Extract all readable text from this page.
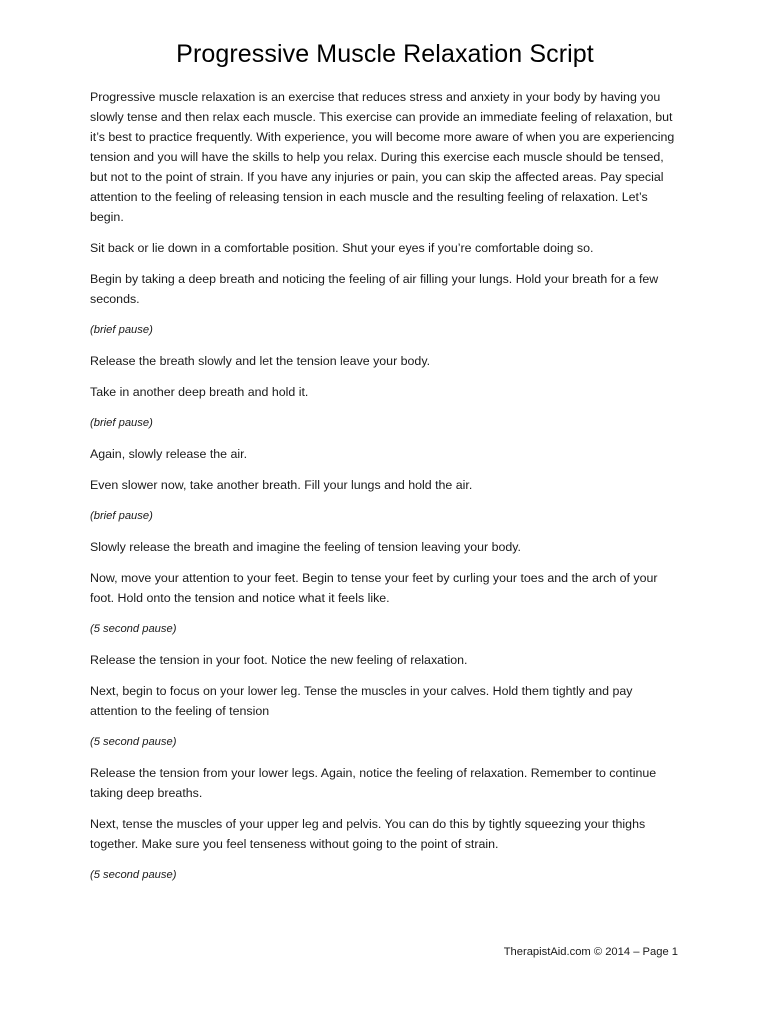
Progressive Muscle Relaxation Script

Progressive muscle relaxation is an exercise that reduces stress and anxiety in your body by having you slowly tense and then relax each muscle. This exercise can provide an immediate feeling of relaxation, but it’s best to practice frequently. With experience, you will become more aware of when you are experiencing tension and you will have the skills to help you relax. During this exercise each muscle should be tensed, but not to the point of strain. If you have any injuries or pain, you can skip the affected areas. Pay special attention to the feeling of releasing tension in each muscle and the resulting feeling of relaxation. Let’s begin.

Sit back or lie down in a comfortable position. Shut your eyes if you’re comfortable doing so.

Begin by taking a deep breath and noticing the feeling of air filling your lungs. Hold your breath for a few seconds.

(brief pause)

Release the breath slowly and let the tension leave your body.

Take in another deep breath and hold it.

(brief pause)

Again, slowly release the air.

Even slower now, take another breath. Fill your lungs and hold the air.

(brief pause)

Slowly release the breath and imagine the feeling of tension leaving your body.

Now, move your attention to your feet. Begin to tense your feet by curling your toes and the arch of your foot. Hold onto the tension and notice what it feels like.

(5 second pause)

Release the tension in your foot. Notice the new feeling of relaxation.

Next, begin to focus on your lower leg. Tense the muscles in your calves. Hold them tightly and pay attention to the feeling of tension

(5 second pause)

Release the tension from your lower legs. Again, notice the feeling of relaxation. Remember to continue taking deep breaths.

Next, tense the muscles of your upper leg and pelvis. You can do this by tightly squeezing your thighs together. Make sure you feel tenseness without going to the point of strain.

(5 second pause)

TherapistAid.com © 2014 – Page 1
